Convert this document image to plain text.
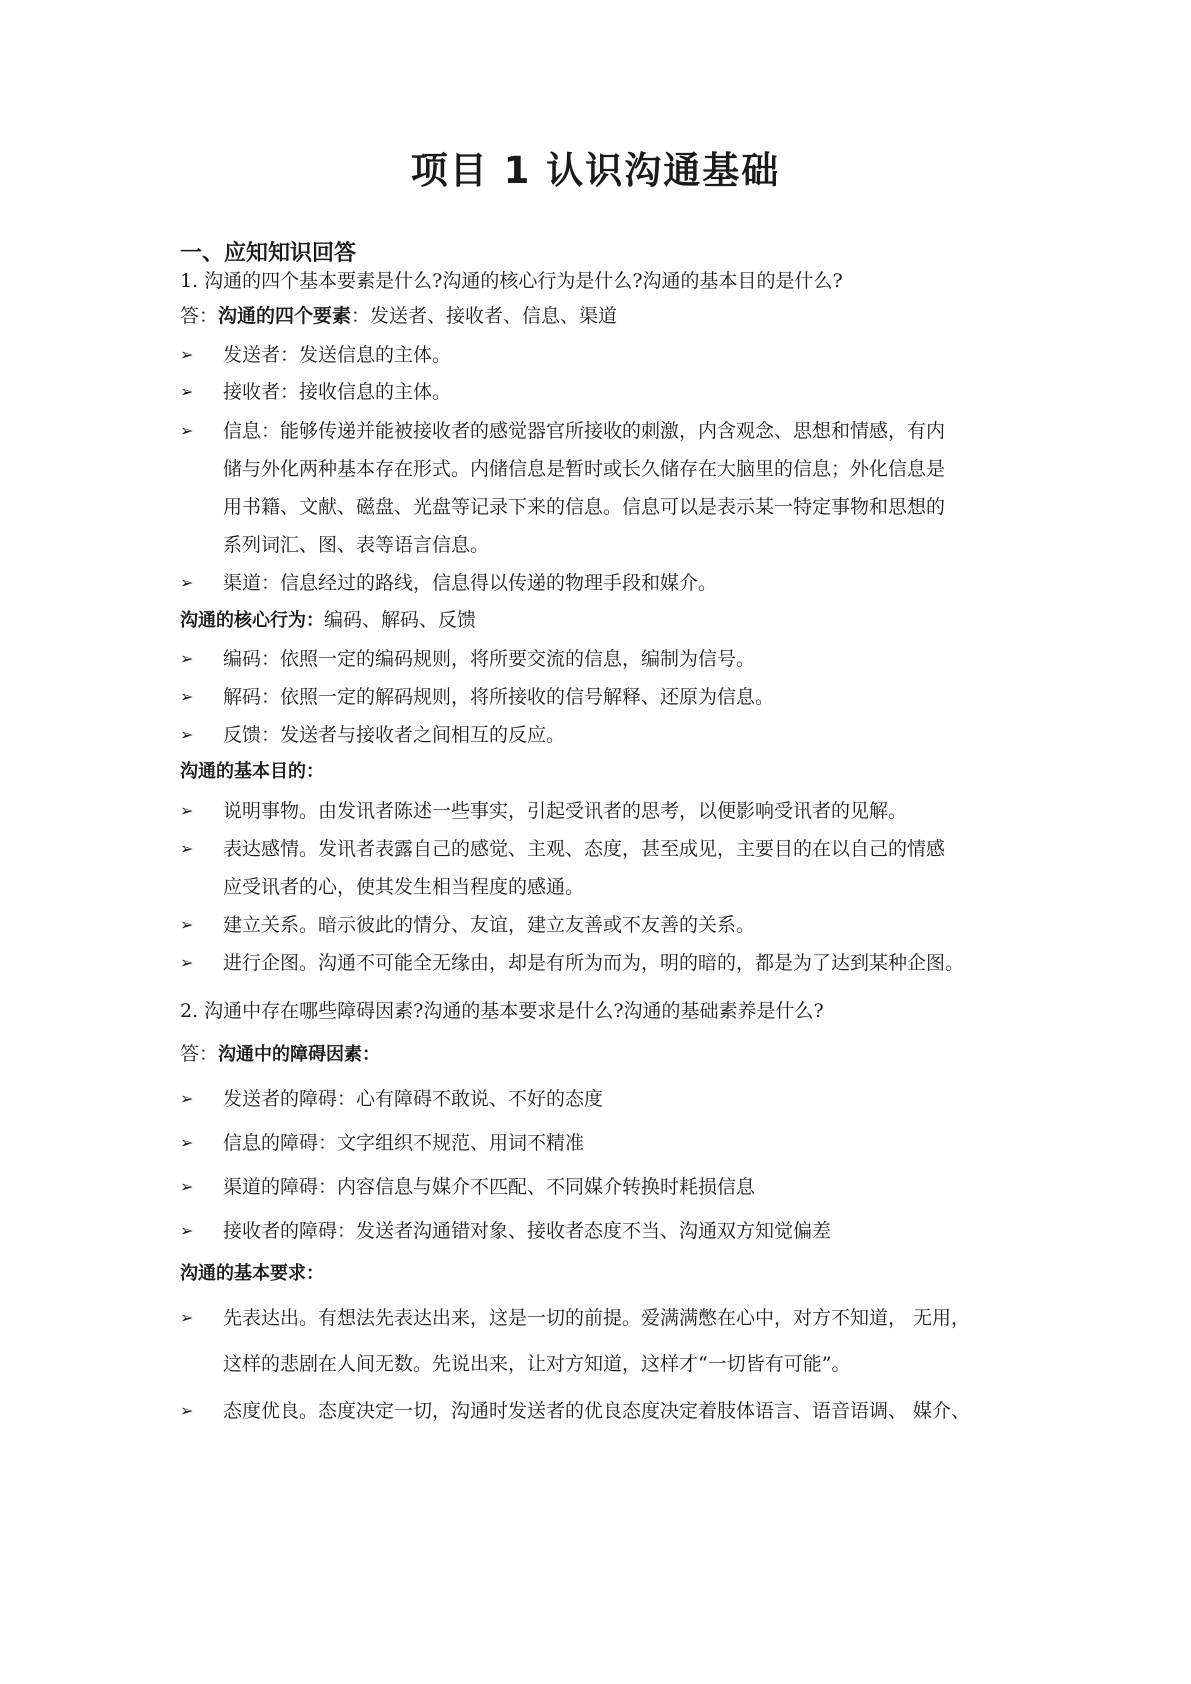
项目 1 认识沟通基础
一、应知知识回答
1. 沟通的四个基本要素是什么?沟通的核心行为是什么?沟通的基本目的是什么?
答：沟通的四个要素：发送者、接收者、信息、渠道
➢ 发送者：发送信息的主体。
➢ 接收者：接收信息的主体。
➢ 信息：能够传递并能被接收者的感觉器官所接收的刺激，内含观念、思想和情感，有内
储与外化两种基本存在形式。内储信息是暂时或长久储存在大脑里的信息；外化信息是
用书籍、文献、磁盘、光盘等记录下来的信息。信息可以是表示某一特定事物和思想的
系列词汇、图、表等语言信息。
➢ 渠道：信息经过的路线，信息得以传递的物理手段和媒介。
沟通的核心行为：编码、解码、反馈
➢ 编码：依照一定的编码规则，将所要交流的信息，编制为信号。
➢ 解码：依照一定的解码规则，将所接收的信号解释、还原为信息。
➢ 反馈：发送者与接收者之间相互的反应。
沟通的基本目的：
➢ 说明事物。由发讯者陈述一些事实，引起受讯者的思考，以便影响受讯者的见解。
➢ 表达感情。发讯者表露自己的感觉、主观、态度，甚至成见，主要目的在以自己的情感
应受讯者的心，使其发生相当程度的感通。
➢ 建立关系。暗示彼此的情分、友谊，建立友善或不友善的关系。
➢ 进行企图。沟通不可能全无缘由，却是有所为而为，明的暗的，都是为了达到某种企图。
2. 沟通中存在哪些障碍因素?沟通的基本要求是什么?沟通的基础素养是什么?
答：沟通中的障碍因素：
➢ 发送者的障碍：心有障碍不敢说、不好的态度
➢ 信息的障碍：文字组织不规范、用词不精准
➢ 渠道的障碍：内容信息与媒介不匹配、不同媒介转换时耗损信息
➢ 接收者的障碍：发送者沟通错对象、接收者态度不当、沟通双方知觉偏差
沟通的基本要求：
➢ 先表达出。有想法先表达出来，这是一切的前提。爱满满憋在心中，对方不知道， 无用，
这样的悲剧在人间无数。先说出来，让对方知道，这样才“一切皆有可能”。
➢ 态度优良。态度决定一切，沟通时发送者的优良态度决定着肢体语言、语音语调、 媒介、
